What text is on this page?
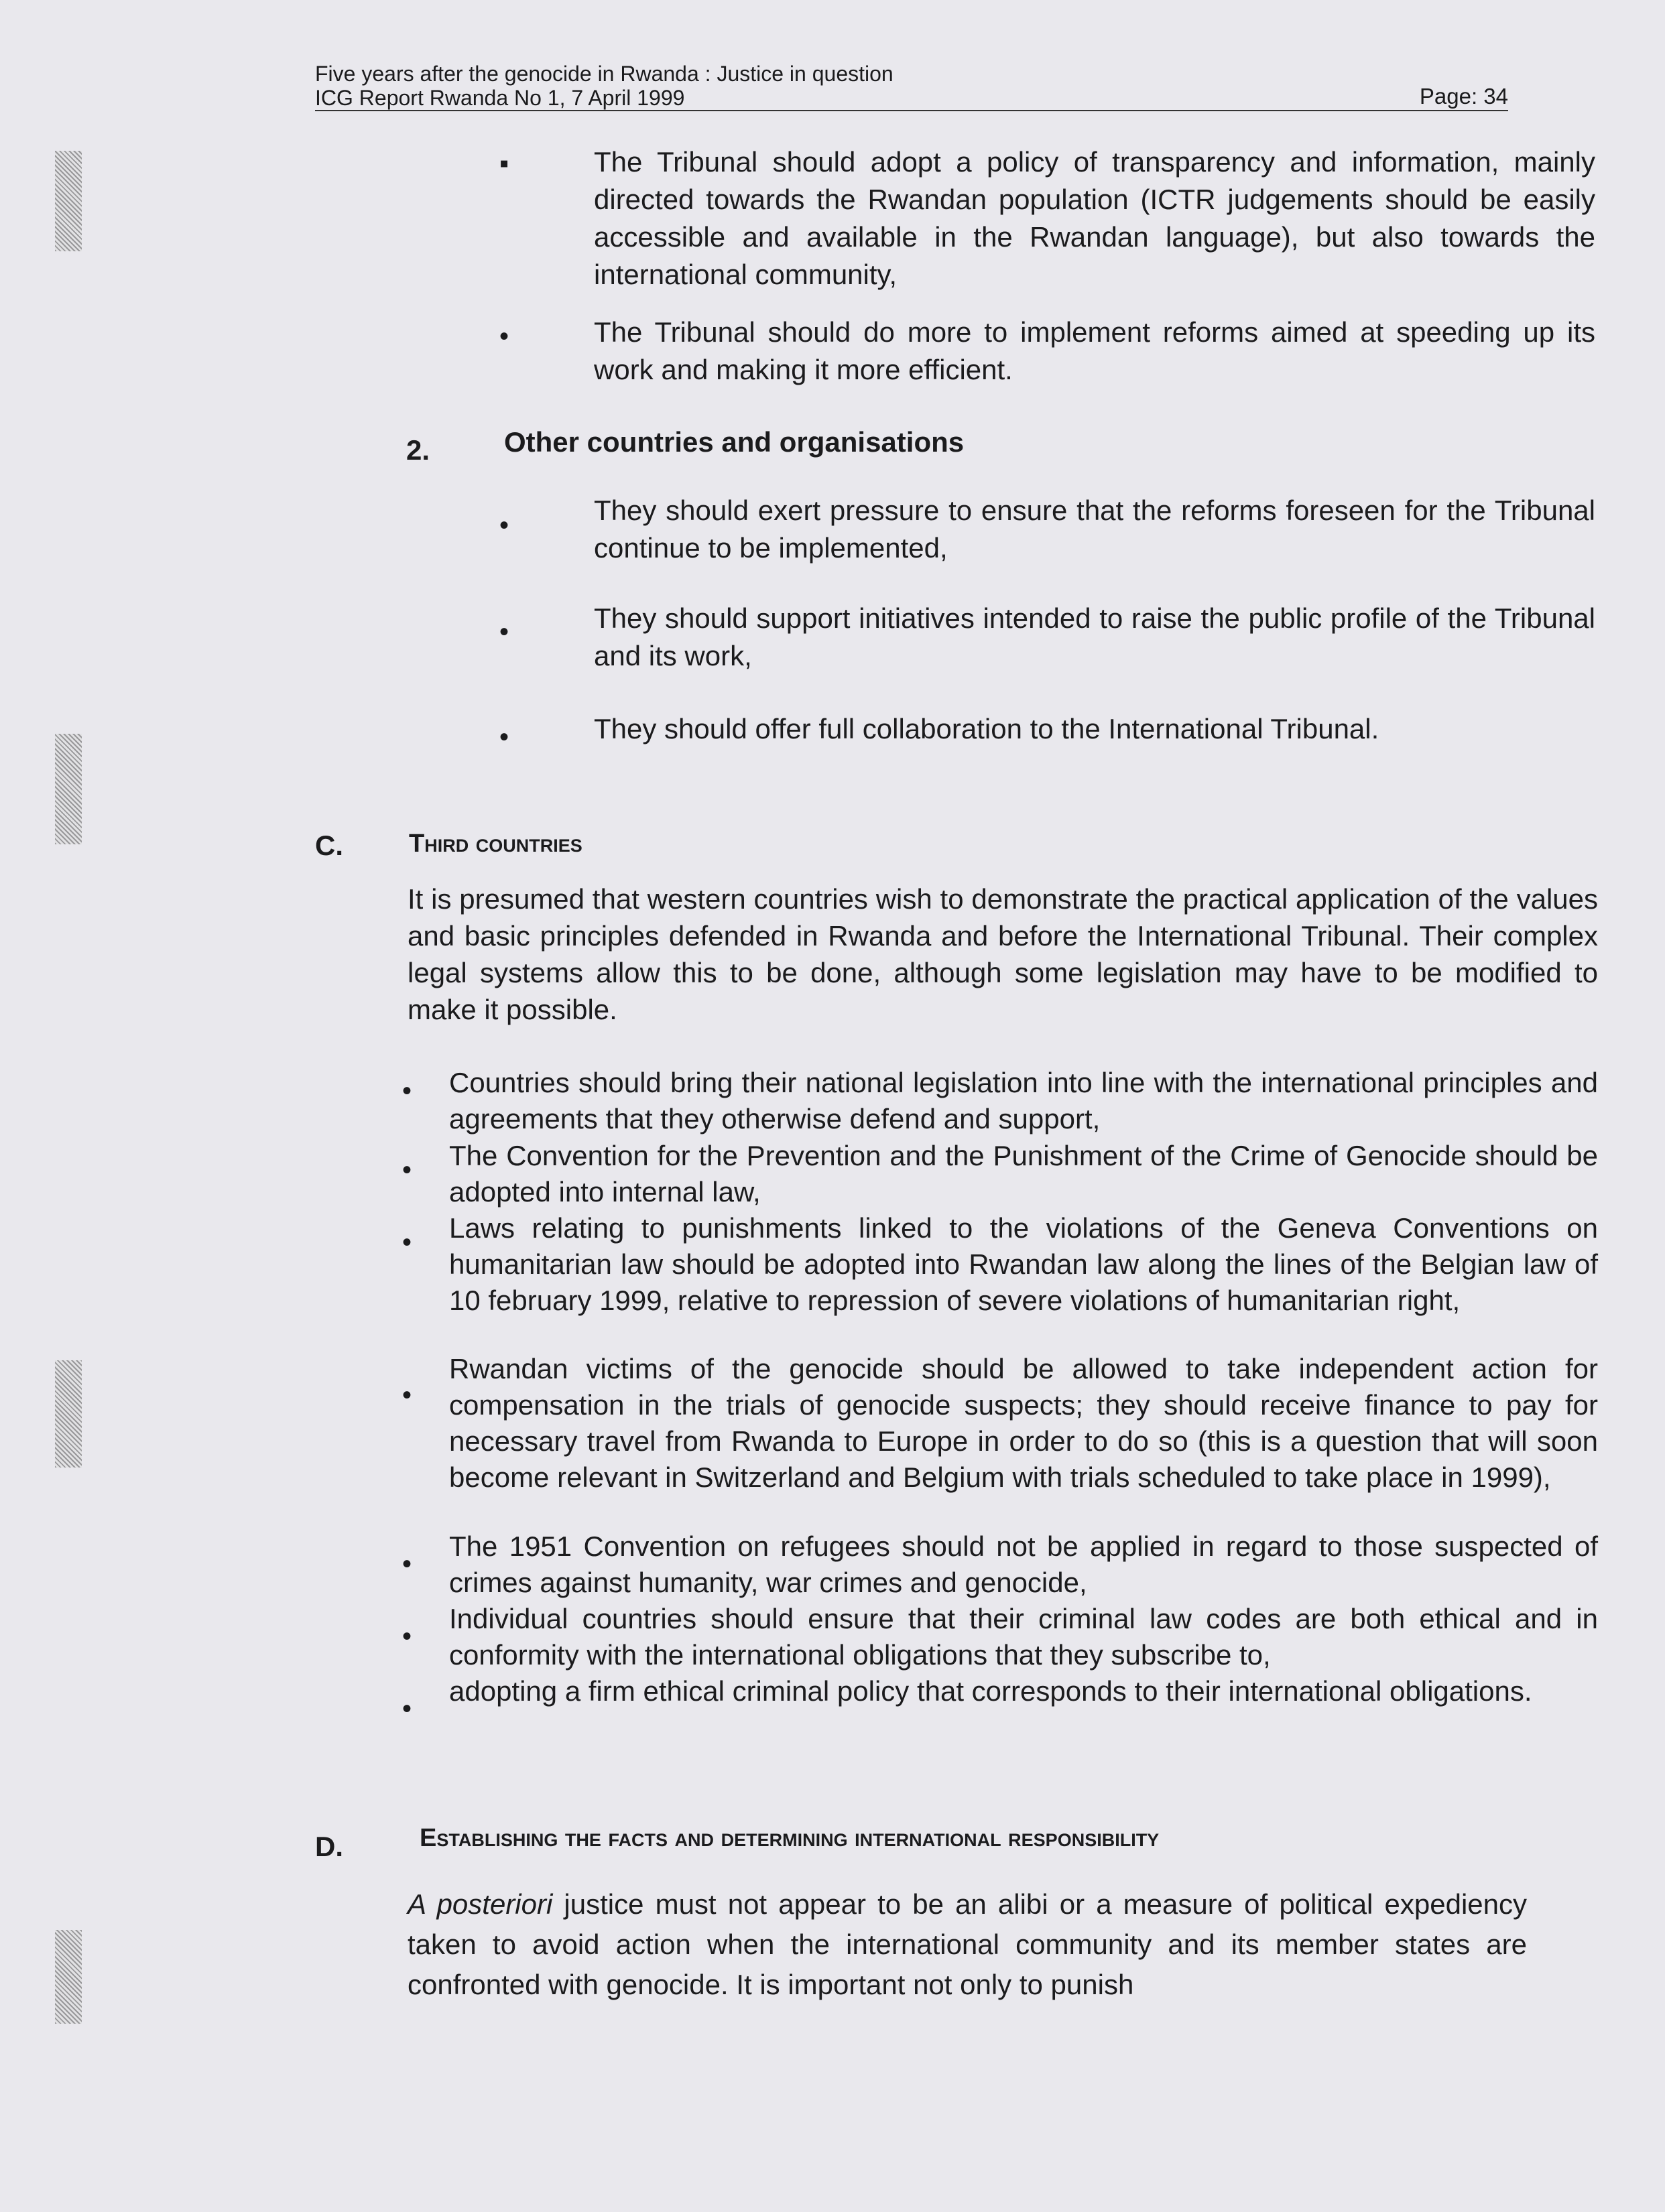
Five years after the genocide in Rwanda : Justice in question
ICG Report Rwanda No 1, 7 April 1999	Page: 34
▪	The Tribunal should adopt a policy of transparency and information, mainly directed towards the Rwandan population (ICTR judgements should be easily accessible and available in the Rwandan language), but also towards the international community,
•	The Tribunal should do more to implement reforms aimed at speeding up its work and making it more efficient.
2.	Other countries and organisations
•	They should exert pressure to ensure that the reforms foreseen for the Tribunal continue to be implemented,
•	They should support initiatives intended to raise the public profile of the Tribunal and its work,
•	They should offer full collaboration to the International Tribunal.
C.	Third countries
It is presumed that western countries wish to demonstrate the practical application of the values and basic principles defended in Rwanda and before the International Tribunal. Their complex legal systems allow this to be done, although some legislation may have to be modified to make it possible.
• Countries should bring their national legislation into line with the international principles and agreements that they otherwise defend and support,
• The Convention for the Prevention and the Punishment of the Crime of Genocide should be adopted into internal law,
• Laws relating to punishments linked to the violations of the Geneva Conventions on humanitarian law should be adopted into Rwandan law along the lines of the Belgian law of 10 february 1999, relative to repression of severe violations of humanitarian right,
•
Rwandan victims of the genocide should be allowed to take independent action for compensation in the trials of genocide suspects; they should receive finance to pay for necessary travel from Rwanda to Europe in order to do so (this is a question that will soon become relevant in Switzerland and Belgium with trials scheduled to take place in 1999),
•
The 1951 Convention on refugees should not be applied in regard to those suspected of crimes against humanity, war crimes and genocide,
•
Individual countries should ensure that their criminal law codes are both ethical and in conformity with the international obligations that they subscribe to,
•
adopting a firm ethical criminal policy that corresponds to their international obligations.
D.	Establishing the facts and determining international responsibility
A posteriori justice must not appear to be an alibi or a measure of political expediency taken to avoid action when the international community and its member states are confronted with genocide. It is important not only to punish
